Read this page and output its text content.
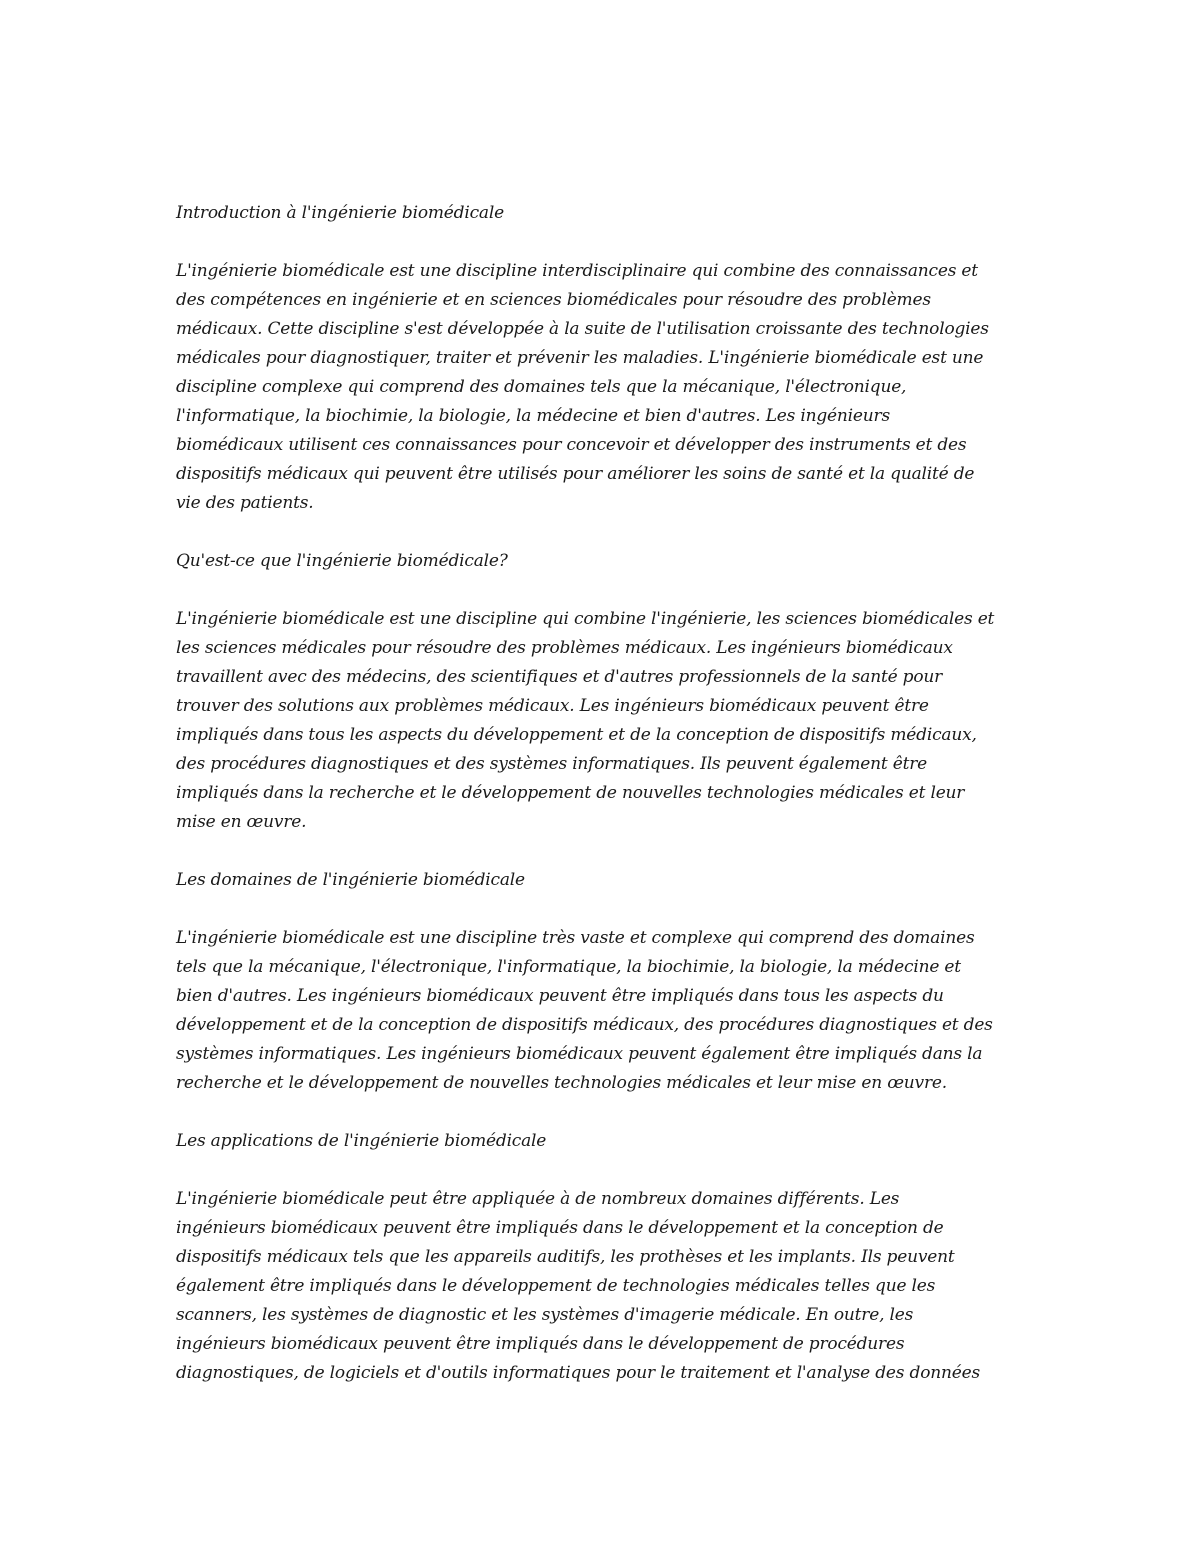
Introduction à l'ingénierie biomédicale
L'ingénierie biomédicale est une discipline interdisciplinaire qui combine des connaissances et
des compétences en ingénierie et en sciences biomédicales pour résoudre des problèmes
médicaux. Cette discipline s'est développée à la suite de l'utilisation croissante des technologies
médicales pour diagnostiquer, traiter et prévenir les maladies. L'ingénierie biomédicale est une
discipline complexe qui comprend des domaines tels que la mécanique, l'électronique,
l'informatique, la biochimie, la biologie, la médecine et bien d'autres. Les ingénieurs
biomédicaux utilisent ces connaissances pour concevoir et développer des instruments et des
dispositifs médicaux qui peuvent être utilisés pour améliorer les soins de santé et la qualité de
vie des patients.
Qu'est-ce que l'ingénierie biomédicale?
L'ingénierie biomédicale est une discipline qui combine l'ingénierie, les sciences biomédicales et
les sciences médicales pour résoudre des problèmes médicaux. Les ingénieurs biomédicaux
travaillent avec des médecins, des scientifiques et d'autres professionnels de la santé pour
trouver des solutions aux problèmes médicaux. Les ingénieurs biomédicaux peuvent être
impliqués dans tous les aspects du développement et de la conception de dispositifs médicaux,
des procédures diagnostiques et des systèmes informatiques. Ils peuvent également être
impliqués dans la recherche et le développement de nouvelles technologies médicales et leur
mise en œuvre.
Les domaines de l'ingénierie biomédicale
L'ingénierie biomédicale est une discipline très vaste et complexe qui comprend des domaines
tels que la mécanique, l'électronique, l'informatique, la biochimie, la biologie, la médecine et
bien d'autres. Les ingénieurs biomédicaux peuvent être impliqués dans tous les aspects du
développement et de la conception de dispositifs médicaux, des procédures diagnostiques et des
systèmes informatiques. Les ingénieurs biomédicaux peuvent également être impliqués dans la
recherche et le développement de nouvelles technologies médicales et leur mise en œuvre.
Les applications de l'ingénierie biomédicale
L'ingénierie biomédicale peut être appliquée à de nombreux domaines différents. Les
ingénieurs biomédicaux peuvent être impliqués dans le développement et la conception de
dispositifs médicaux tels que les appareils auditifs, les prothèses et les implants. Ils peuvent
également être impliqués dans le développement de technologies médicales telles que les
scanners, les systèmes de diagnostic et les systèmes d'imagerie médicale. En outre, les
ingénieurs biomédicaux peuvent être impliqués dans le développement de procédures
diagnostiques, de logiciels et d'outils informatiques pour le traitement et l'analyse des données
